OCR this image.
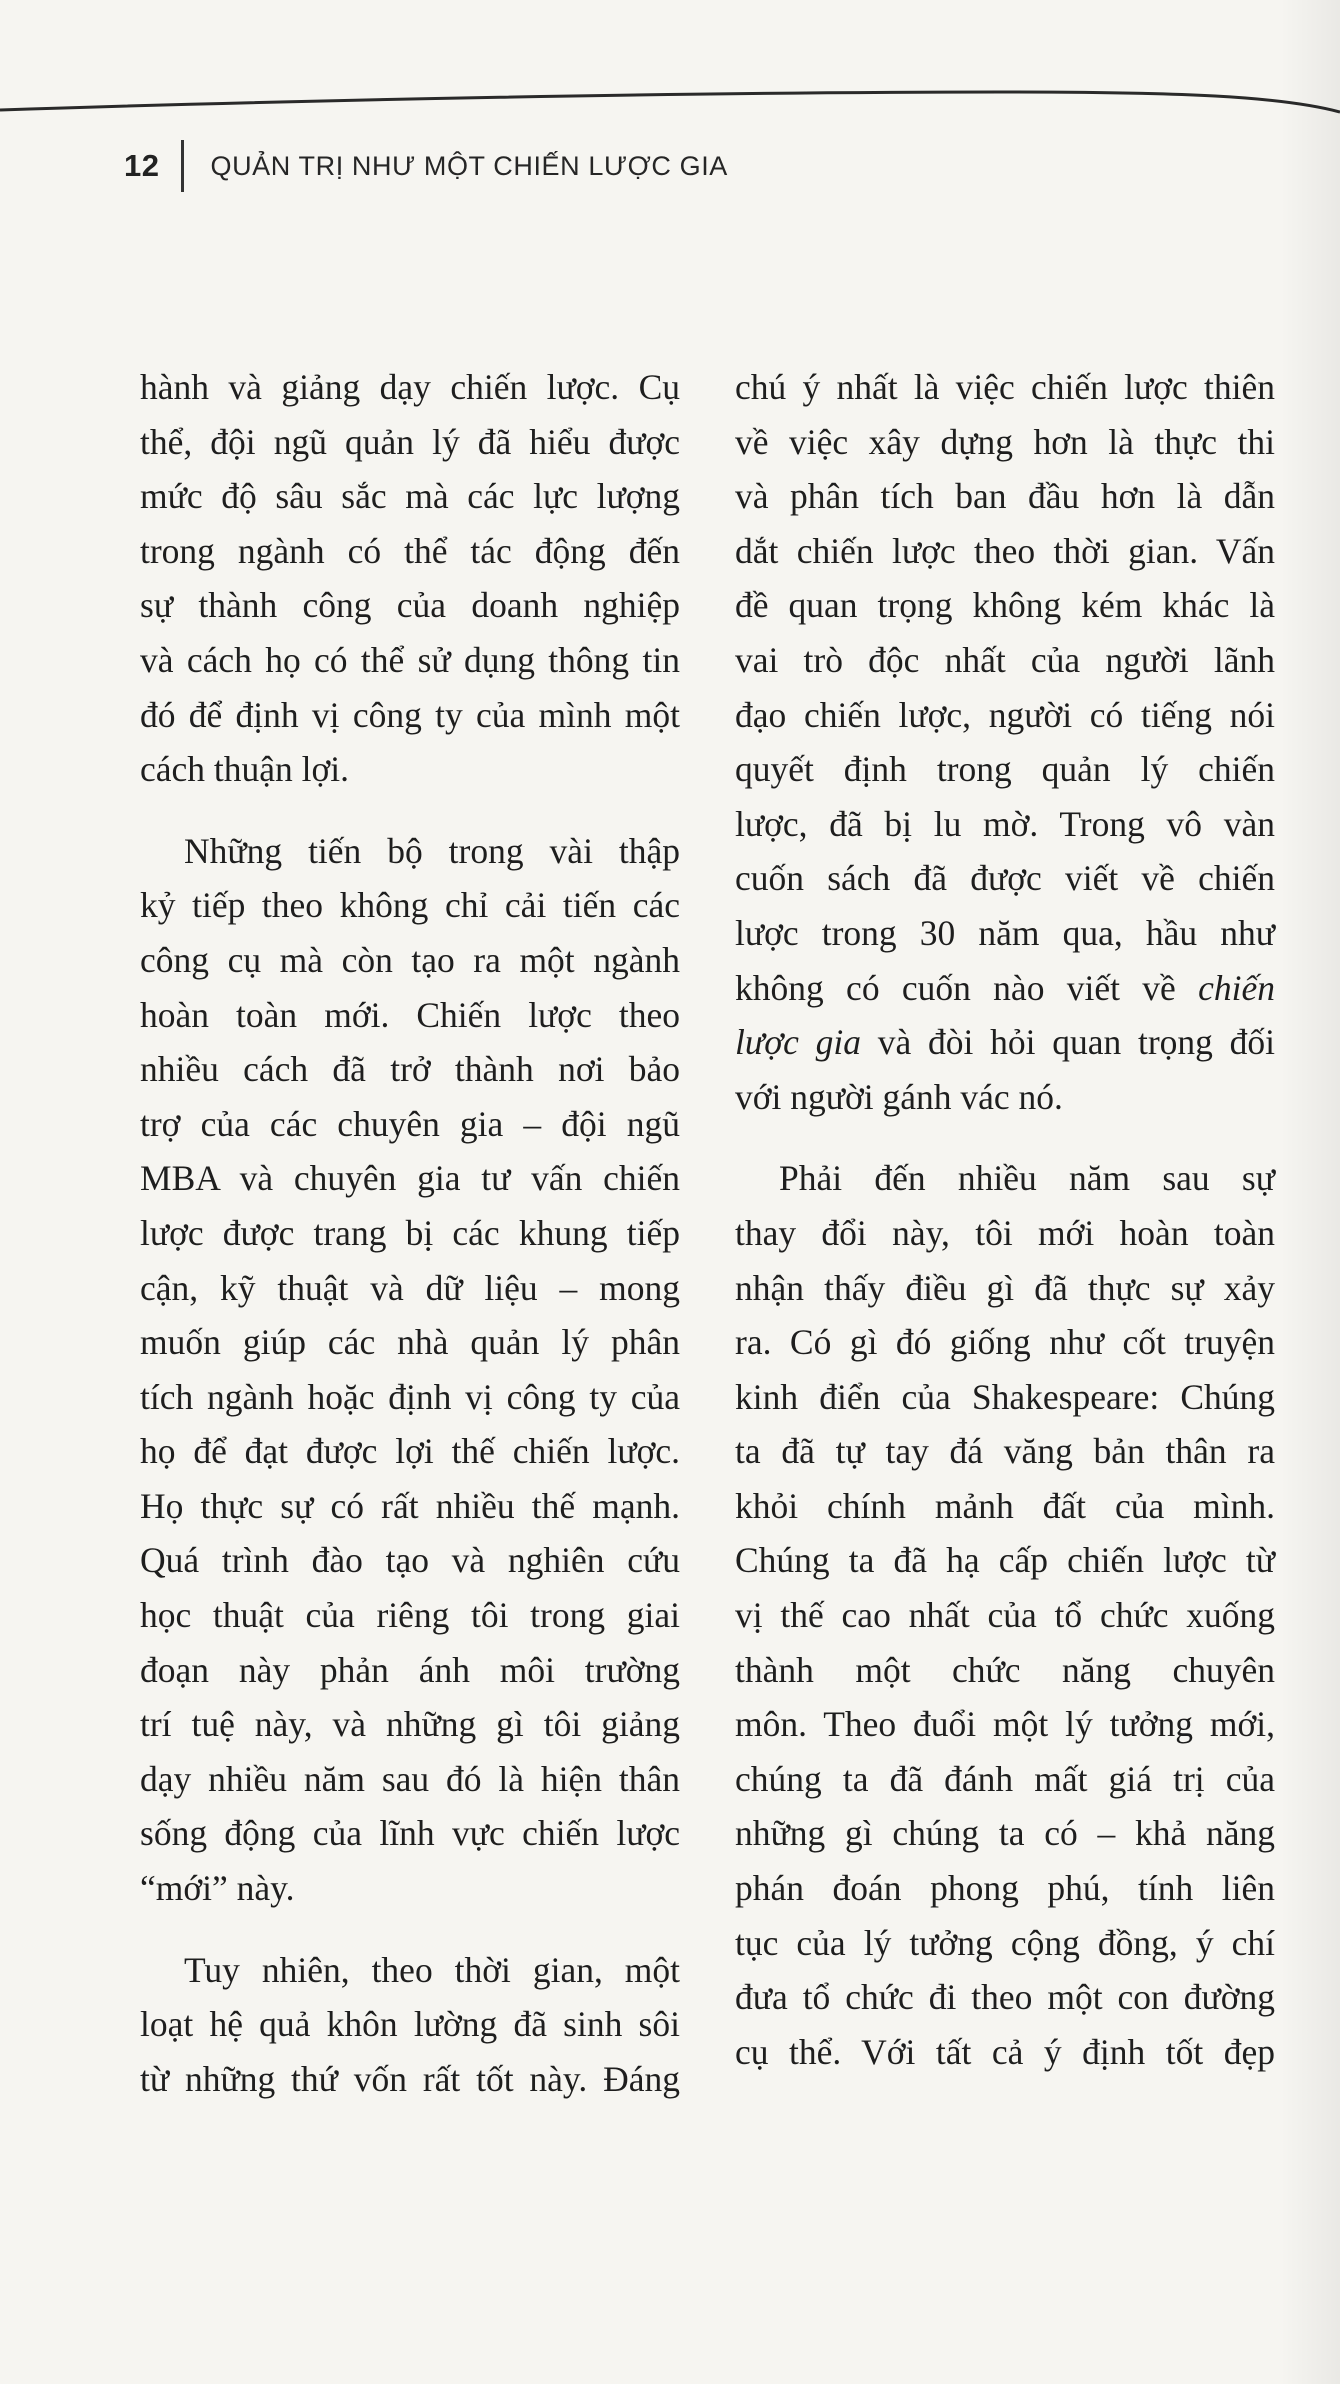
12 QUẢN TRỊ NHƯ MỘT CHIẾN LƯỢC GIA
hành và giảng dạy chiến lược. Cụ
thể, đội ngũ quản lý đã hiểu được
mức độ sâu sắc mà các lực lượng
trong ngành có thể tác động đến
sự thành công của doanh nghiệp
và cách họ có thể sử dụng thông tin
đó để định vị công ty của mình một
cách thuận lợi.
Những tiến bộ trong vài thập
kỷ tiếp theo không chỉ cải tiến các
công cụ mà còn tạo ra một ngành
hoàn toàn mới. Chiến lược theo
nhiều cách đã trở thành nơi bảo
trợ của các chuyên gia – đội ngũ
MBA và chuyên gia tư vấn chiến
lược được trang bị các khung tiếp
cận, kỹ thuật và dữ liệu – mong
muốn giúp các nhà quản lý phân
tích ngành hoặc định vị công ty của
họ để đạt được lợi thế chiến lược.
Họ thực sự có rất nhiều thế mạnh.
Quá trình đào tạo và nghiên cứu
học thuật của riêng tôi trong giai
đoạn này phản ánh môi trường
trí tuệ này, và những gì tôi giảng
dạy nhiều năm sau đó là hiện thân
sống động của lĩnh vực chiến lược
“mới” này.
Tuy nhiên, theo thời gian, một
loạt hệ quả khôn lường đã sinh sôi
từ những thứ vốn rất tốt này. Đáng
chú ý nhất là việc chiến lược thiên
về việc xây dựng hơn là thực thi
và phân tích ban đầu hơn là dẫn
dắt chiến lược theo thời gian. Vấn
đề quan trọng không kém khác là
vai trò độc nhất của người lãnh
đạo chiến lược, người có tiếng nói
quyết định trong quản lý chiến
lược, đã bị lu mờ. Trong vô vàn
cuốn sách đã được viết về chiến
lược trong 30 năm qua, hầu như
không có cuốn nào viết về chiến
lược gia và đòi hỏi quan trọng đối
với người gánh vác nó.
Phải đến nhiều năm sau sự
thay đổi này, tôi mới hoàn toàn
nhận thấy điều gì đã thực sự xảy
ra. Có gì đó giống như cốt truyện
kinh điển của Shakespeare: Chúng
ta đã tự tay đá văng bản thân ra
khỏi chính mảnh đất của mình.
Chúng ta đã hạ cấp chiến lược từ
vị thế cao nhất của tổ chức xuống
thành một chức năng chuyên
môn. Theo đuổi một lý tưởng mới,
chúng ta đã đánh mất giá trị của
những gì chúng ta có – khả năng
phán đoán phong phú, tính liên
tục của lý tưởng cộng đồng, ý chí
đưa tổ chức đi theo một con đường
cụ thể. Với tất cả ý định tốt đẹp
